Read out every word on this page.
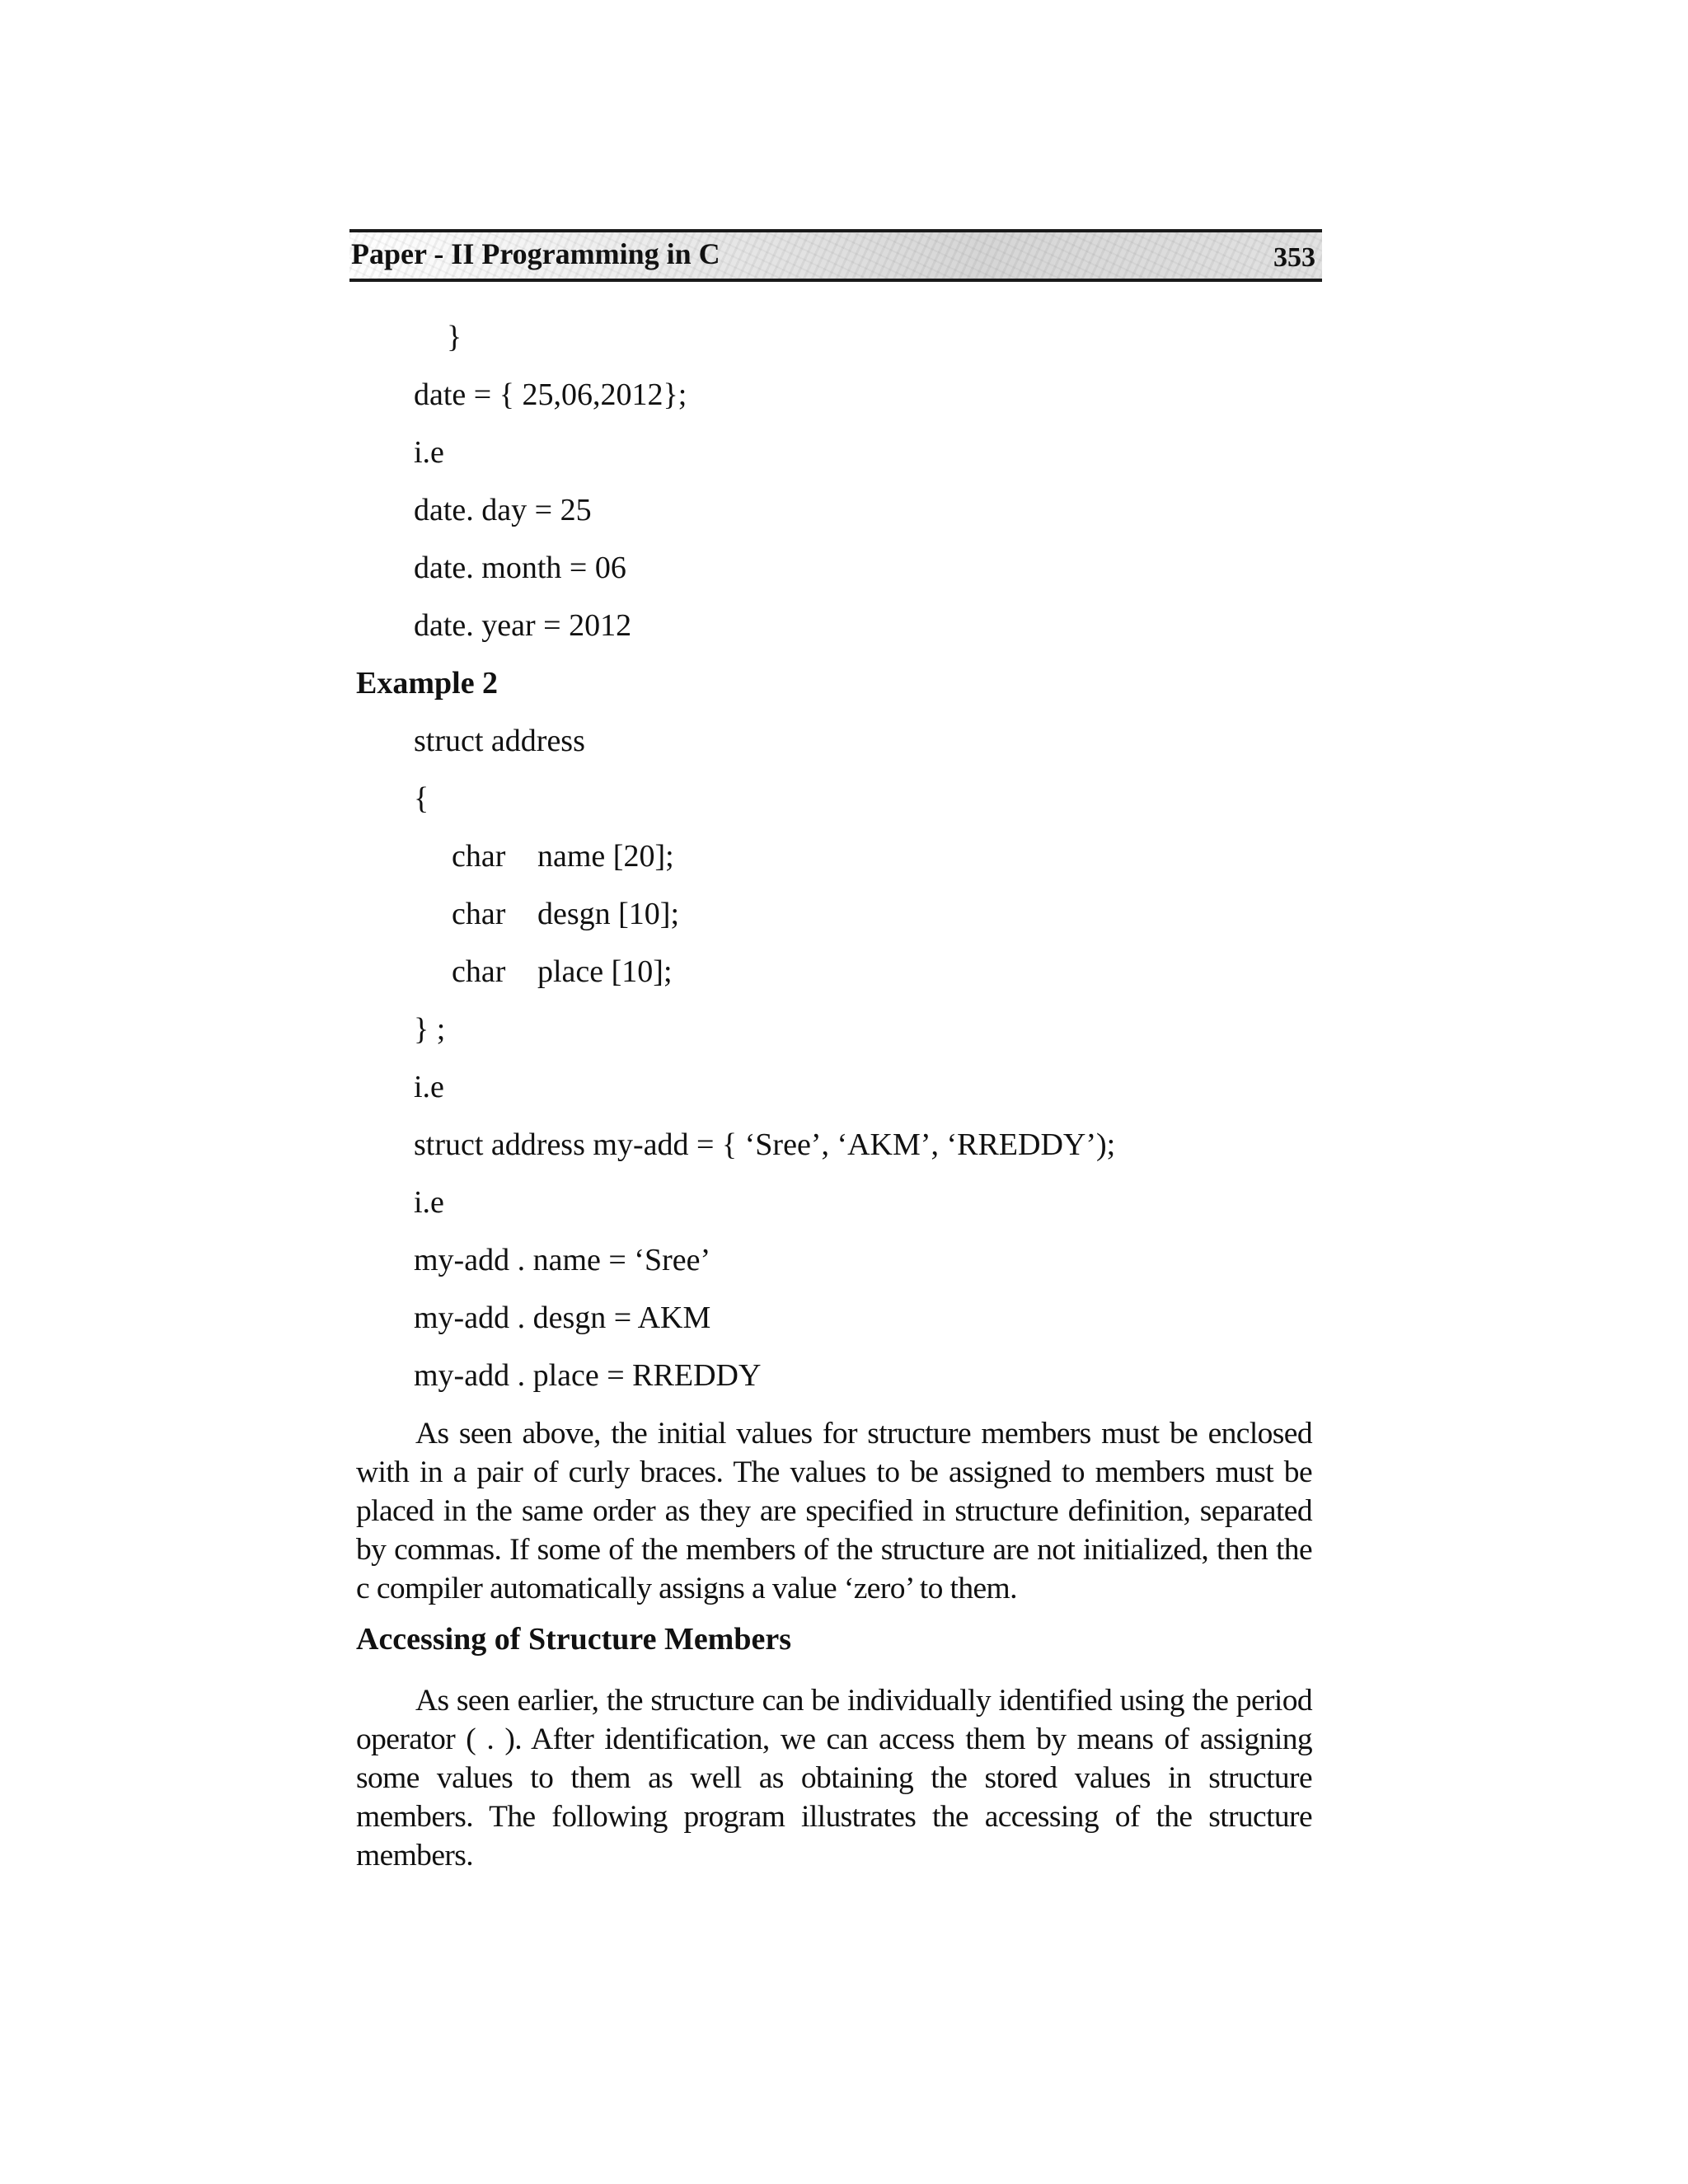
Paper - II Programming in C	353
}
date = { 25,06,2012};
i.e
date. day = 25
date. month = 06
date. year = 2012
Example 2
struct address
{
char name [20];
char desgn [10];
char place [10];
} ;
i.e
struct address my-add = { ‘Sree’, ‘AKM’, ‘RREDDY’);
i.e
my-add . name = ‘Sree’
my-add . desgn = AKM
my-add . place = RREDDY

As seen above, the initial values for structure members must be enclosed with in a pair of curly braces. The values to be assigned to members must be placed in the same order as they are specified in structure definition, separated by commas. If some of the members of the structure are not initialized, then the c compiler automatically assigns a value ‘zero’ to them.

Accessing of Structure Members

As seen earlier, the structure can be individually identified using the period operator ( . ). After identification, we can access them by means of assigning some values to them as well as obtaining the stored values in structure members. The following program illustrates the accessing of the structure members.
